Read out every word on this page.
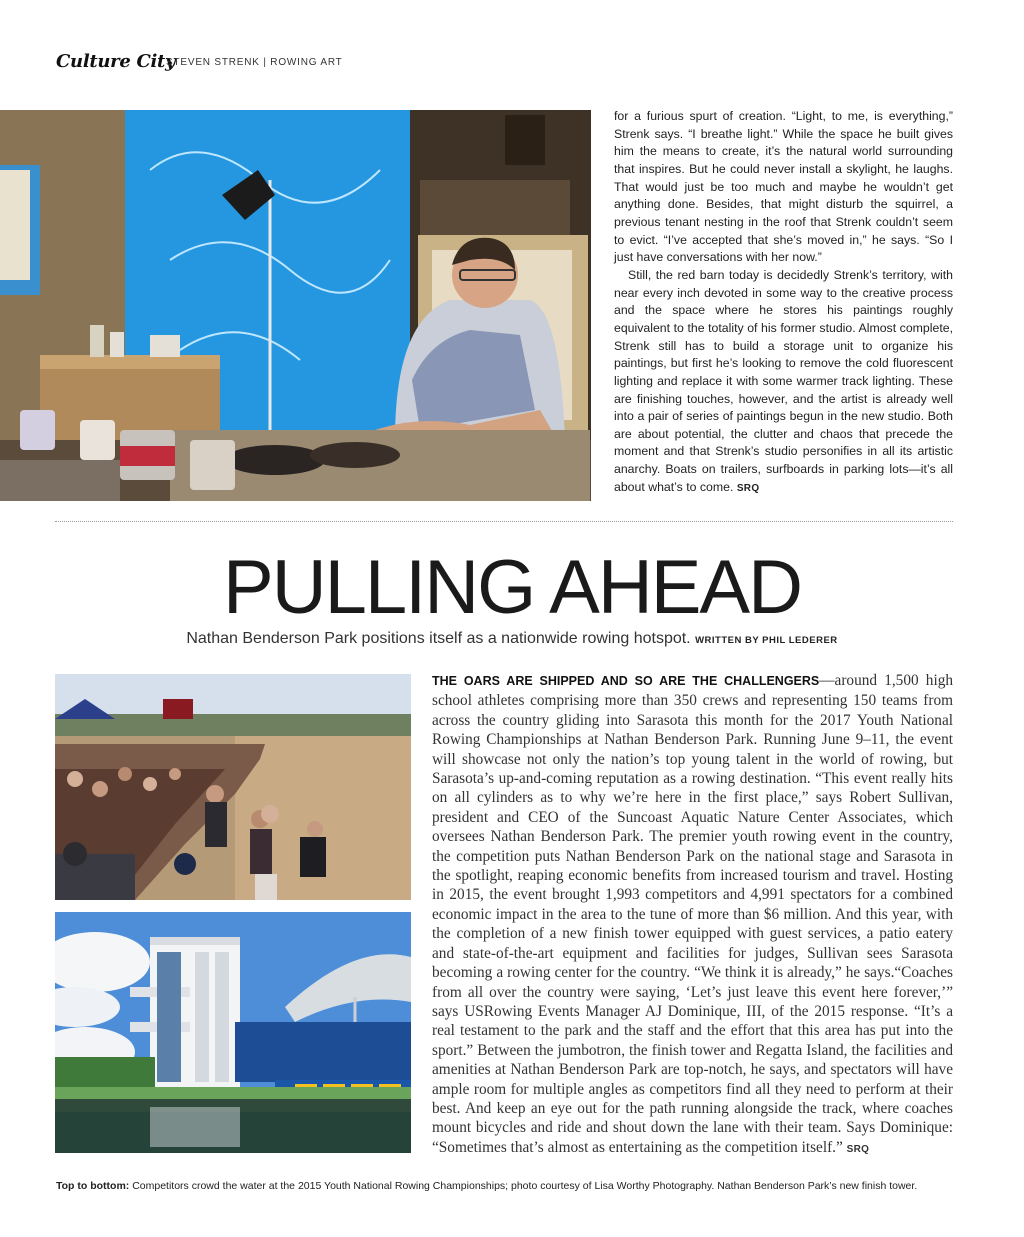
Culture City
STEVEN STRENK | ROWING ART

for a furious spurt of creation. “Light, to me, is everything,” Strenk says. “I breathe light.” While the space he built gives him the means to create, it’s the natural world surrounding that inspires. But he could never install a skylight, he laughs. That would just be too much and maybe he wouldn’t get anything done. Besides, that might disturb the squirrel, a previous tenant nesting in the roof that Strenk couldn’t seem to evict. “I’ve accepted that she’s moved in,” he says. “So I just have conversations with her now.”

Still, the red barn today is decidedly Strenk’s territory, with near every inch devoted in some way to the creative process and the space where he stores his paintings roughly equivalent to the totality of his former studio. Almost complete, Strenk still has to build a storage unit to organize his paintings, but first he’s looking to remove the cold fluorescent lighting and replace it with some warmer track lighting. These are finishing touches, however, and the artist is already well into a pair of series of paintings begun in the new studio. Both are about potential, the clutter and chaos that precede the moment and that Strenk’s studio personifies in all its artistic anarchy. Boats on trailers, surfboards in parking lots—it’s all about what’s to come. SRQ

PULLING AHEAD
Nathan Benderson Park positions itself as a nationwide rowing hotspot. WRITTEN BY PHIL LEDERER
THE OARS ARE SHIPPED AND SO ARE THE CHALLENGERS—around 1,500 high school athletes comprising more than 350 crews and representing 150 teams from across the country gliding into Sarasota this month for the 2017 Youth National Rowing Championships at Nathan Benderson Park. Running June 9–11, the event will showcase not only the nation’s top young talent in the world of rowing, but Sarasota’s up-and-coming reputation as a rowing destination. “This event really hits on all cylinders as to why we’re here in the first place,” says Robert Sullivan, president and CEO of the Suncoast Aquatic Nature Center Associates, which oversees Nathan Benderson Park. The premier youth rowing event in the country, the competition puts Nathan Benderson Park on the national stage and Sarasota in the spotlight, reaping economic benefits from increased tourism and travel. Hosting in 2015, the event brought 1,993 competitors and 4,991 spectators for a combined economic impact in the area to the tune of more than $6 million. And this year, with the completion of a new finish tower equipped with guest services, a patio eatery and state-of-the-art equipment and facilities for judges, Sullivan sees Sarasota becoming a rowing center for the country. “We think it is already,” he says.“Coaches from all over the country were saying, ‘Let’s just leave this event here forever,’” says USRowing Events Manager AJ Dominique, III, of the 2015 response. “It’s a real testament to the park and the staff and the effort that this area has put into the sport.” Between the jumbotron, the finish tower and Regatta Island, the facilities and amenities at Nathan Benderson Park are top-notch, he says, and spectators will have ample room for multiple angles as competitors find all they need to perform at their best. And keep an eye out for the path running alongside the track, where coaches mount bicycles and ride and shout down the lane with their team. Says Dominique: “Sometimes that’s almost as entertaining as the competition itself.” SRQ
Top to bottom: Competitors crowd the water at the 2015 Youth National Rowing Championships; photo courtesy of Lisa Worthy Photography. Nathan Benderson Park’s new finish tower.
